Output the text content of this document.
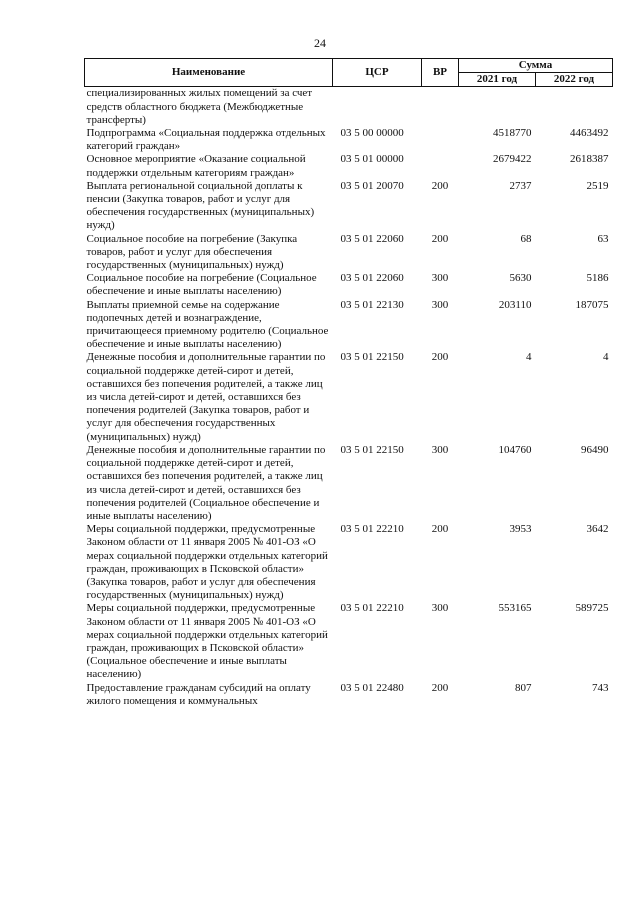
24
Наименование	ЦСР	ВР	Сумма	
			2021 год	2022 год
специализированных жилых помещений за счет средств областного бюджета (Межбюджетные трансферты)				
Подпрограмма «Социальная поддержка отдельных категорий граждан»	03 5 00 00000		4518770	4463492
Основное мероприятие «Оказание социальной поддержки отдельным категориям граждан»	03 5 01 00000		2679422	2618387
Выплата региональной социальной доплаты к пенсии (Закупка товаров, работ и услуг для обеспечения государственных (муниципальных) нужд)	03 5 01 20070	200	2737	2519
Социальное пособие на погребение (Закупка товаров, работ и услуг для обеспечения государственных (муниципальных) нужд)	03 5 01 22060	200	68	63
Социальное пособие на погребение (Социальное обеспечение и иные выплаты населению)	03 5 01 22060	300	5630	5186
Выплаты приемной семье на содержание подопечных детей и вознаграждение, причитающееся приемному родителю (Социальное обеспечение и иные выплаты населению)	03 5 01 22130	300	203110	187075
Денежные пособия и дополнительные гарантии по социальной поддержке детей-сирот и детей, оставшихся без попечения родителей, а также лиц из числа детей-сирот и детей, оставшихся без попечения родителей (Закупка товаров, работ и услуг для обеспечения государственных (муниципальных) нужд)	03 5 01 22150	200	4	4
Денежные пособия и дополнительные гарантии по социальной поддержке детей-сирот и детей, оставшихся без попечения родителей, а также лиц из числа детей-сирот и детей, оставшихся без попечения родителей (Социальное обеспечение и иные выплаты населению)	03 5 01 22150	300	104760	96490
Меры социальной поддержки, предусмотренные Законом области от 11 января 2005 № 401-ОЗ «О мерах социальной поддержки отдельных категорий граждан, проживающих в Псковской области» (Закупка товаров, работ и услуг для обеспечения государственных (муниципальных) нужд)	03 5 01 22210	200	3953	3642
Меры социальной поддержки, предусмотренные Законом области от 11 января 2005 № 401-ОЗ «О мерах социальной поддержки отдельных категорий граждан, проживающих в Псковской области» (Социальное обеспечение и иные выплаты населению)	03 5 01 22210	300	553165	589725
Предоставление гражданам субсидий на оплату жилого помещения и коммунальных	03 5 01 22480	200	807	743
